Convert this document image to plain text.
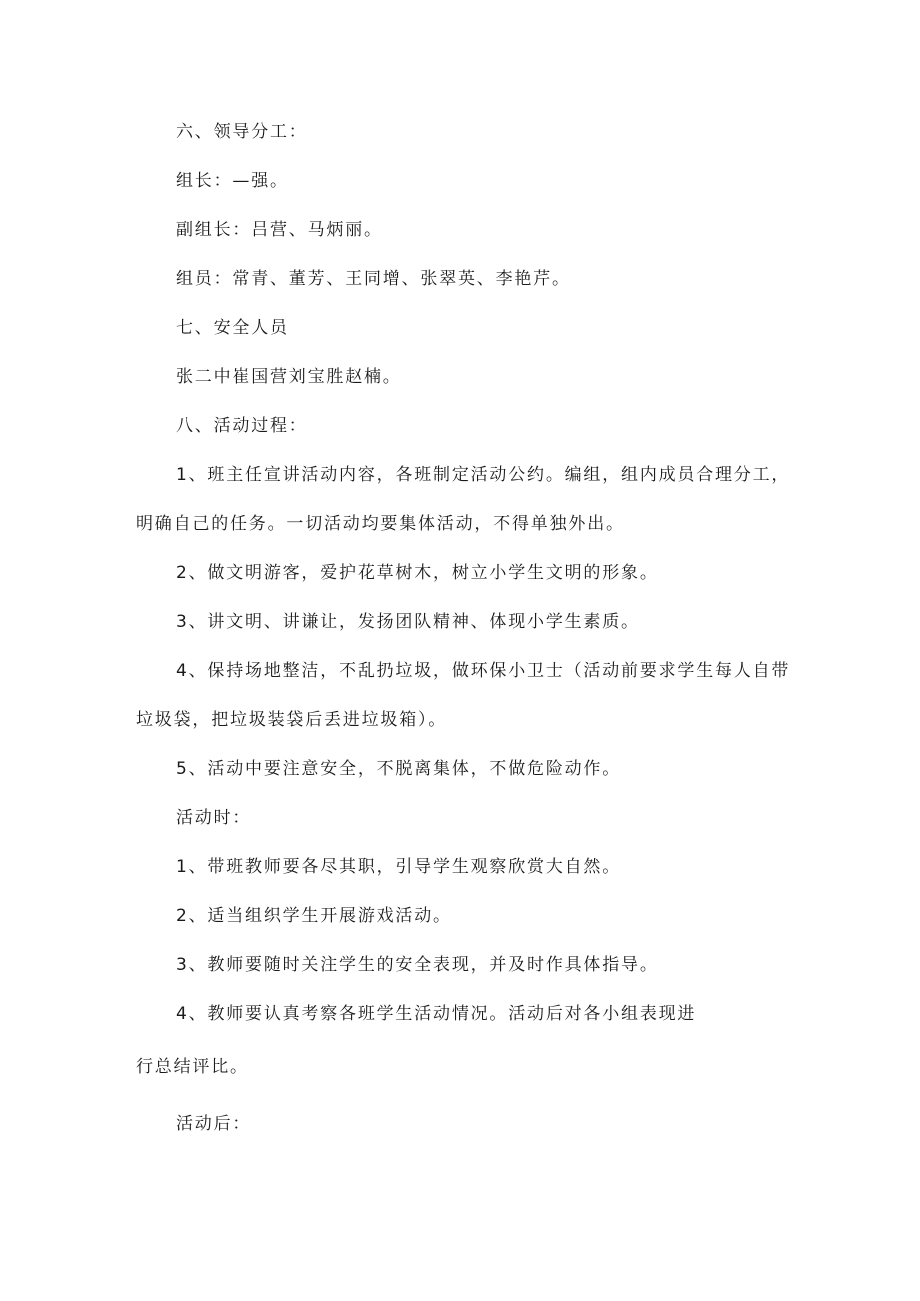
六、领导分工：
组长：—强。
副组长：吕营、马炳丽。
组员：常青、董芳、王同增、张翠英、李艳芹。
七、安全人员
张二中崔国营刘宝胜赵楠。
八、活动过程：
1、班主任宣讲活动内容，各班制定活动公约。编组，组内成员合理分工，
明确自己的任务。一切活动均要集体活动，不得单独外出。
2、做文明游客，爱护花草树木，树立小学生文明的形象。
3、讲文明、讲谦让，发扬团队精神、体现小学生素质。
4、保持场地整洁，不乱扔垃圾，做环保小卫士（活动前要求学生每人自带
垃圾袋，把垃圾装袋后丢进垃圾箱）。
5、活动中要注意安全，不脱离集体，不做危险动作。
活动时：
1、带班教师要各尽其职，引导学生观察欣赏大自然。
2、适当组织学生开展游戏活动。
3、教师要随时关注学生的安全表现，并及时作具体指导。
4、教师要认真考察各班学生活动情况。活动后对各小组表现进
行总结评比。
活动后：
